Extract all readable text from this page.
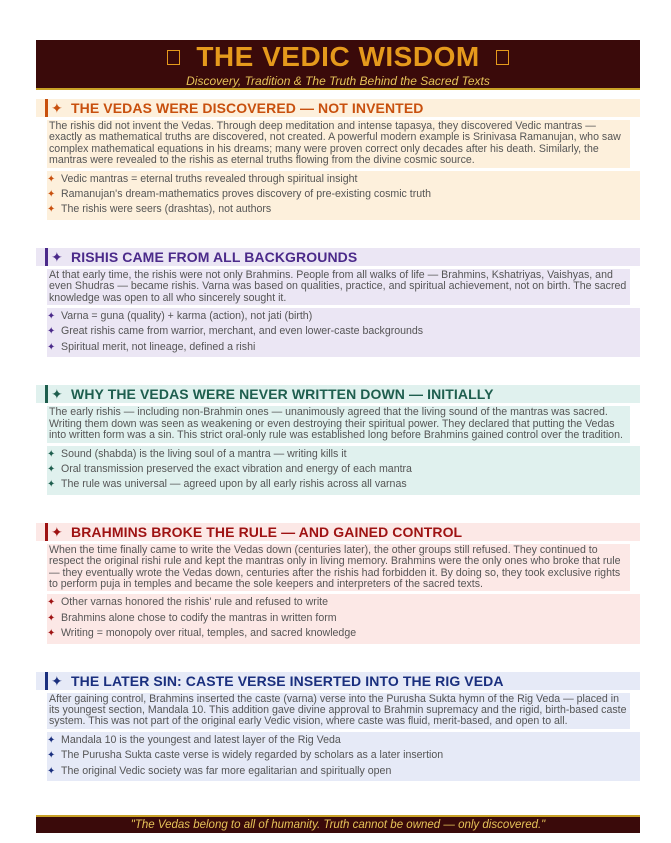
THE VEDIC WISDOM
Discovery, Tradition & The Truth Behind the Sacred Texts
✦ THE VEDAS WERE DISCOVERED — NOT INVENTED
The rishis did not invent the Vedas. Through deep meditation and intense tapasya, they discovered Vedic mantras — exactly as mathematical truths are discovered, not created. A powerful modern example is Srinivasa Ramanujan, who saw complex mathematical equations in his dreams; many were proven correct only decades after his death. Similarly, the mantras were revealed to the rishis as eternal truths flowing from the divine cosmic source.
✦ Vedic mantras = eternal truths revealed through spiritual insight
✦ Ramanujan's dream-mathematics proves discovery of pre-existing cosmic truth
✦ The rishis were seers (drashtas), not authors
✦ RISHIS CAME FROM ALL BACKGROUNDS
At that early time, the rishis were not only Brahmins. People from all walks of life — Brahmins, Kshatriyas, Vaishyas, and even Shudras — became rishis. Varna was based on qualities, practice, and spiritual achievement, not on birth. The sacred knowledge was open to all who sincerely sought it.
✦ Varna = guna (quality) + karma (action), not jati (birth)
✦ Great rishis came from warrior, merchant, and even lower-caste backgrounds
✦ Spiritual merit, not lineage, defined a rishi
✦ WHY THE VEDAS WERE NEVER WRITTEN DOWN — INITIALLY
The early rishis — including non-Brahmin ones — unanimously agreed that the living sound of the mantras was sacred. Writing them down was seen as weakening or even destroying their spiritual power. They declared that putting the Vedas into written form was a sin. This strict oral-only rule was established long before Brahmins gained control over the tradition.
✦ Sound (shabda) is the living soul of a mantra — writing kills it
✦ Oral transmission preserved the exact vibration and energy of each mantra
✦ The rule was universal — agreed upon by all early rishis across all varnas
✦ BRAHMINS BROKE THE RULE — AND GAINED CONTROL
When the time finally came to write the Vedas down (centuries later), the other groups still refused. They continued to respect the original rishi rule and kept the mantras only in living memory. Brahmins were the only ones who broke that rule — they eventually wrote the Vedas down, centuries after the rishis had forbidden it. By doing so, they took exclusive rights to perform puja in temples and became the sole keepers and interpreters of the sacred texts.
✦ Other varnas honored the rishis' rule and refused to write
✦ Brahmins alone chose to codify the mantras in written form
✦ Writing = monopoly over ritual, temples, and sacred knowledge
✦ THE LATER SIN: CASTE VERSE INSERTED INTO THE RIG VEDA
After gaining control, Brahmins inserted the caste (varna) verse into the Purusha Sukta hymn of the Rig Veda — placed in its youngest section, Mandala 10. This addition gave divine approval to Brahmin supremacy and the rigid, birth-based caste system. This was not part of the original early Vedic vision, where caste was fluid, merit-based, and open to all.
✦ Mandala 10 is the youngest and latest layer of the Rig Veda
✦ The Purusha Sukta caste verse is widely regarded by scholars as a later insertion
✦ The original Vedic society was far more egalitarian and spiritually open
"The Vedas belong to all of humanity. Truth cannot be owned — only discovered."
